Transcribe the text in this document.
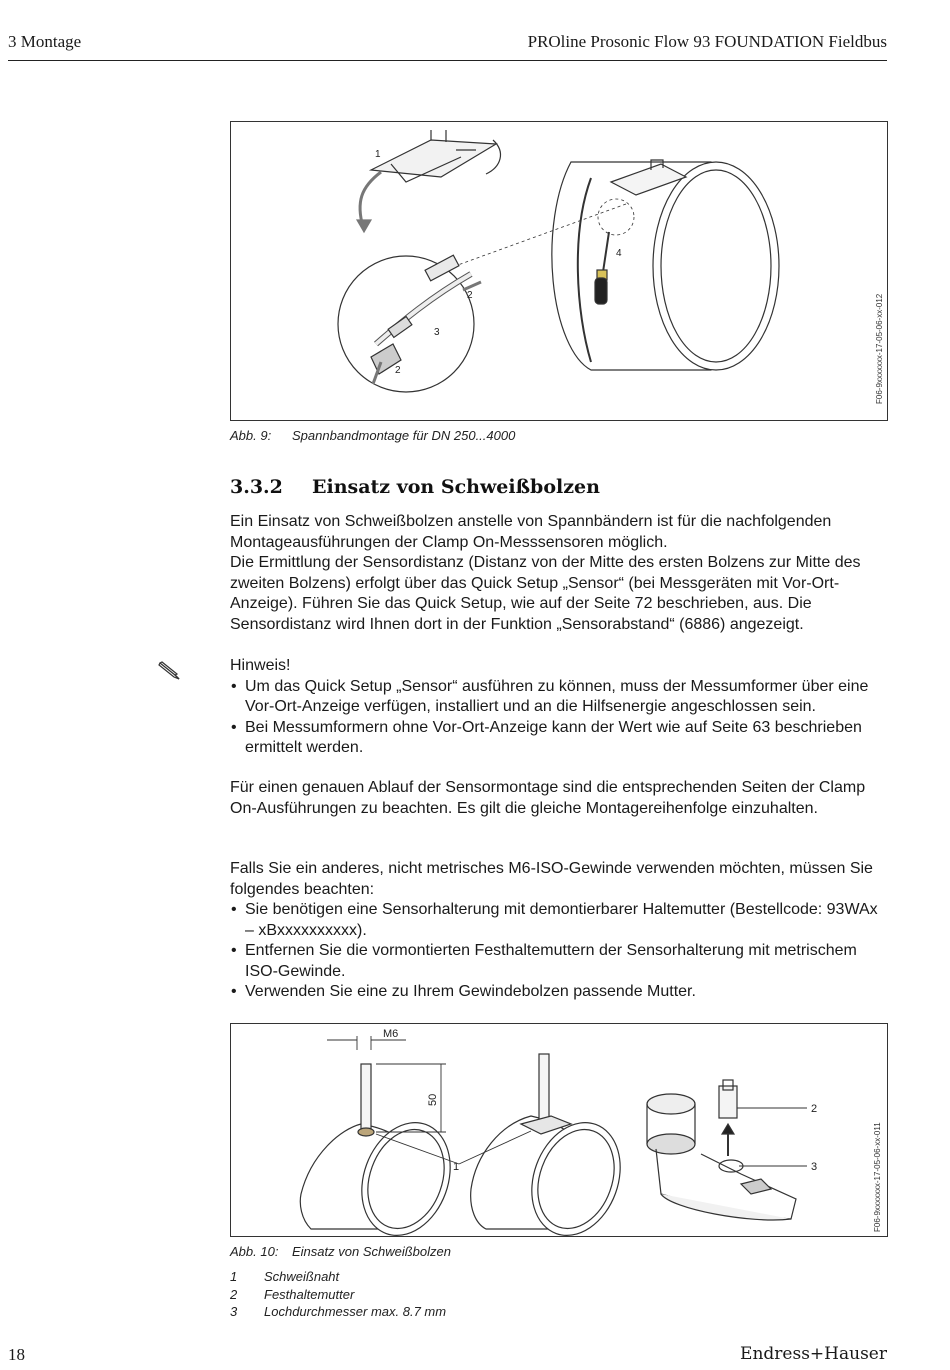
3 Montage	PROline Prosonic Flow 93 FOUNDATION Fieldbus
1
2
3
2
4
F06-9xxxxxxx-17-05-06-xx-012
Abb. 9: Spannbandmontage für DN 250...4000
3.3.2 Einsatz von Schweißbolzen

Ein Einsatz von Schweißbolzen anstelle von Spannbändern ist für die nachfolgenden Montageausführungen der Clamp On-Messsensoren möglich.

Die Ermittlung der Sensordistanz (Distanz von der Mitte des ersten Bolzens zur Mitte des zweiten Bolzens) erfolgt über das Quick Setup „Sensor“ (bei Messgeräten mit Vor-Ort-Anzeige). Führen Sie das Quick Setup, wie auf der Seite 72 beschrieben, aus. Die Sensordistanz wird Ihnen dort in der Funktion „Sensorabstand“ (6886) angezeigt.

Hinweis!

• Um das Quick Setup „Sensor“ ausführen zu können, muss der Messumformer über eine Vor-Ort-Anzeige verfügen, installiert und an die Hilfsenergie angeschlossen sein.
• Bei Messumformern ohne Vor-Ort-Anzeige kann der Wert wie auf Seite 63 beschrieben ermittelt werden.

Für einen genauen Ablauf der Sensormontage sind die entsprechenden Seiten der Clamp On-Ausführungen zu beachten. Es gilt die gleiche Montagereihenfolge einzuhalten.

Falls Sie ein anderes, nicht metrisches M6-ISO-Gewinde verwenden möchten, müssen Sie folgendes beachten:

• Sie benötigen eine Sensorhalterung mit demontierbarer Haltemutter (Bestellcode: 93WAx – xBxxxxxxxxxx).
• Entfernen Sie die vormontierten Festhaltemuttern der Sensorhalterung mit metrischem ISO-Gewinde.
• Verwenden Sie eine zu Ihrem Gewindebolzen passende Mutter.
M6
50
1
2
3	F06-9xxxxxxx-17-05-06-xx-011
Abb. 10: Einsatz von Schweißbolzen
1 Schweißnaht
2 Festhaltemutter
3 Lochdurchmesser max. 8.7 mm
18	Endress+Hauser
